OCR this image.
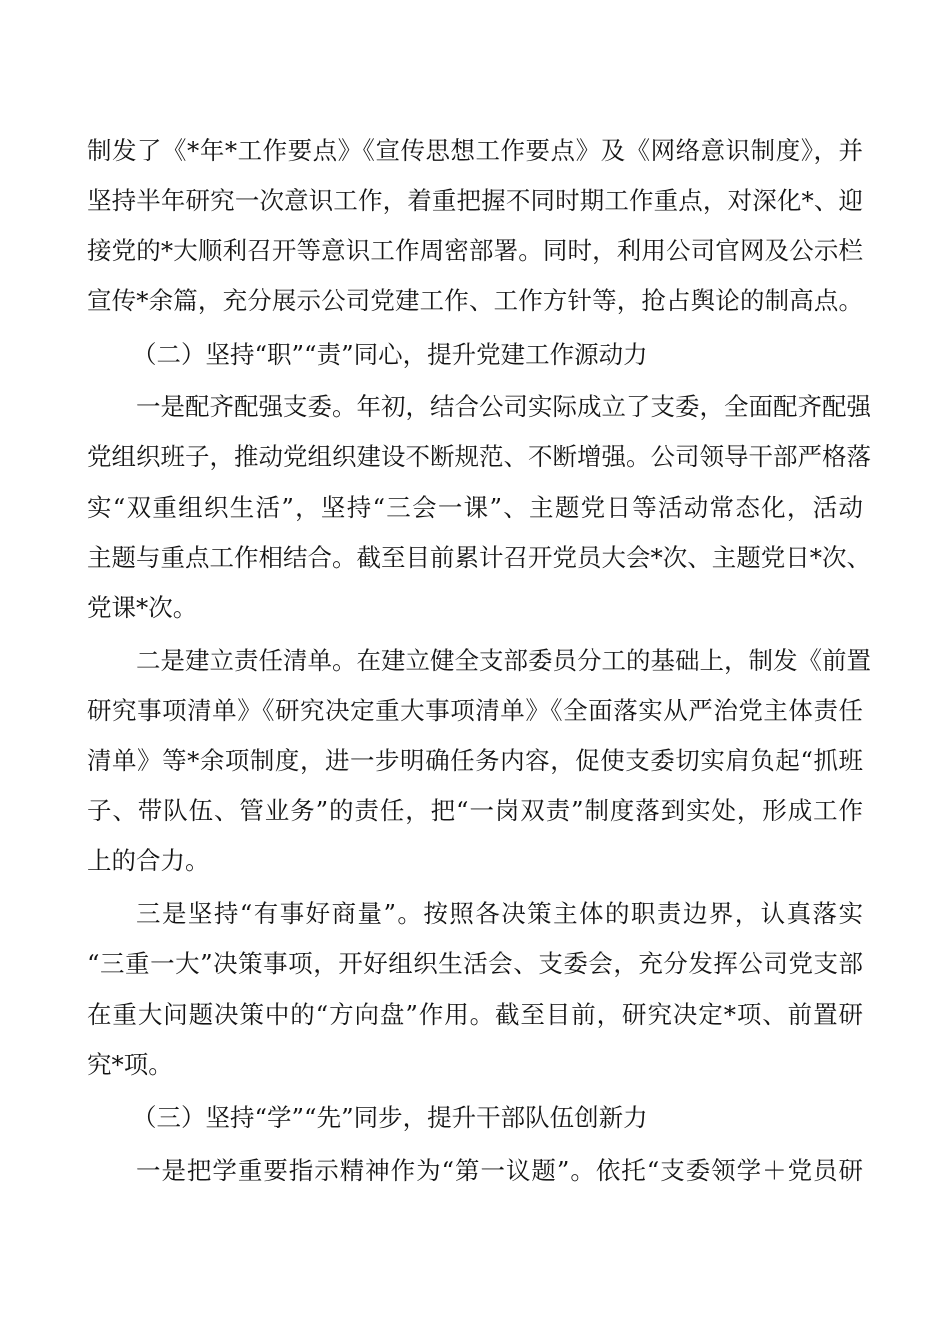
制发了《*年*工作要点》《宣传思想工作要点》及《网络意识制度》，并
坚持半年研究一次意识工作，着重把握不同时期工作重点，对深化*、迎
接党的*大顺利召开等意识工作周密部署。同时，利用公司官网及公示栏
宣传*余篇，充分展示公司党建工作、工作方针等，抢占舆论的制高点。
（二）坚持“职”“责”同心，提升党建工作源动力
一是配齐配强支委。年初，结合公司实际成立了支委，全面配齐配强
党组织班子，推动党组织建设不断规范、不断增强。公司领导干部严格落
实“双重组织生活”，坚持“三会一课”、主题党日等活动常态化，活动
主题与重点工作相结合。截至目前累计召开党员大会*次、主题党日*次、
党课*次。
二是建立责任清单。在建立健全支部委员分工的基础上，制发《前置
研究事项清单》《研究决定重大事项清单》《全面落实从严治党主体责任
清单》等*余项制度，进一步明确任务内容，促使支委切实肩负起“抓班
子、带队伍、管业务”的责任，把“一岗双责”制度落到实处，形成工作
上的合力。
三是坚持“有事好商量”。按照各决策主体的职责边界，认真落实
“三重一大”决策事项，开好组织生活会、支委会，充分发挥公司党支部
在重大问题决策中的“方向盘”作用。截至目前，研究决定*项、前置研
究*项。
（三）坚持“学”“先”同步，提升干部队伍创新力
一是把学重要指示精神作为“第一议题”。依托“支委领学＋党员研
